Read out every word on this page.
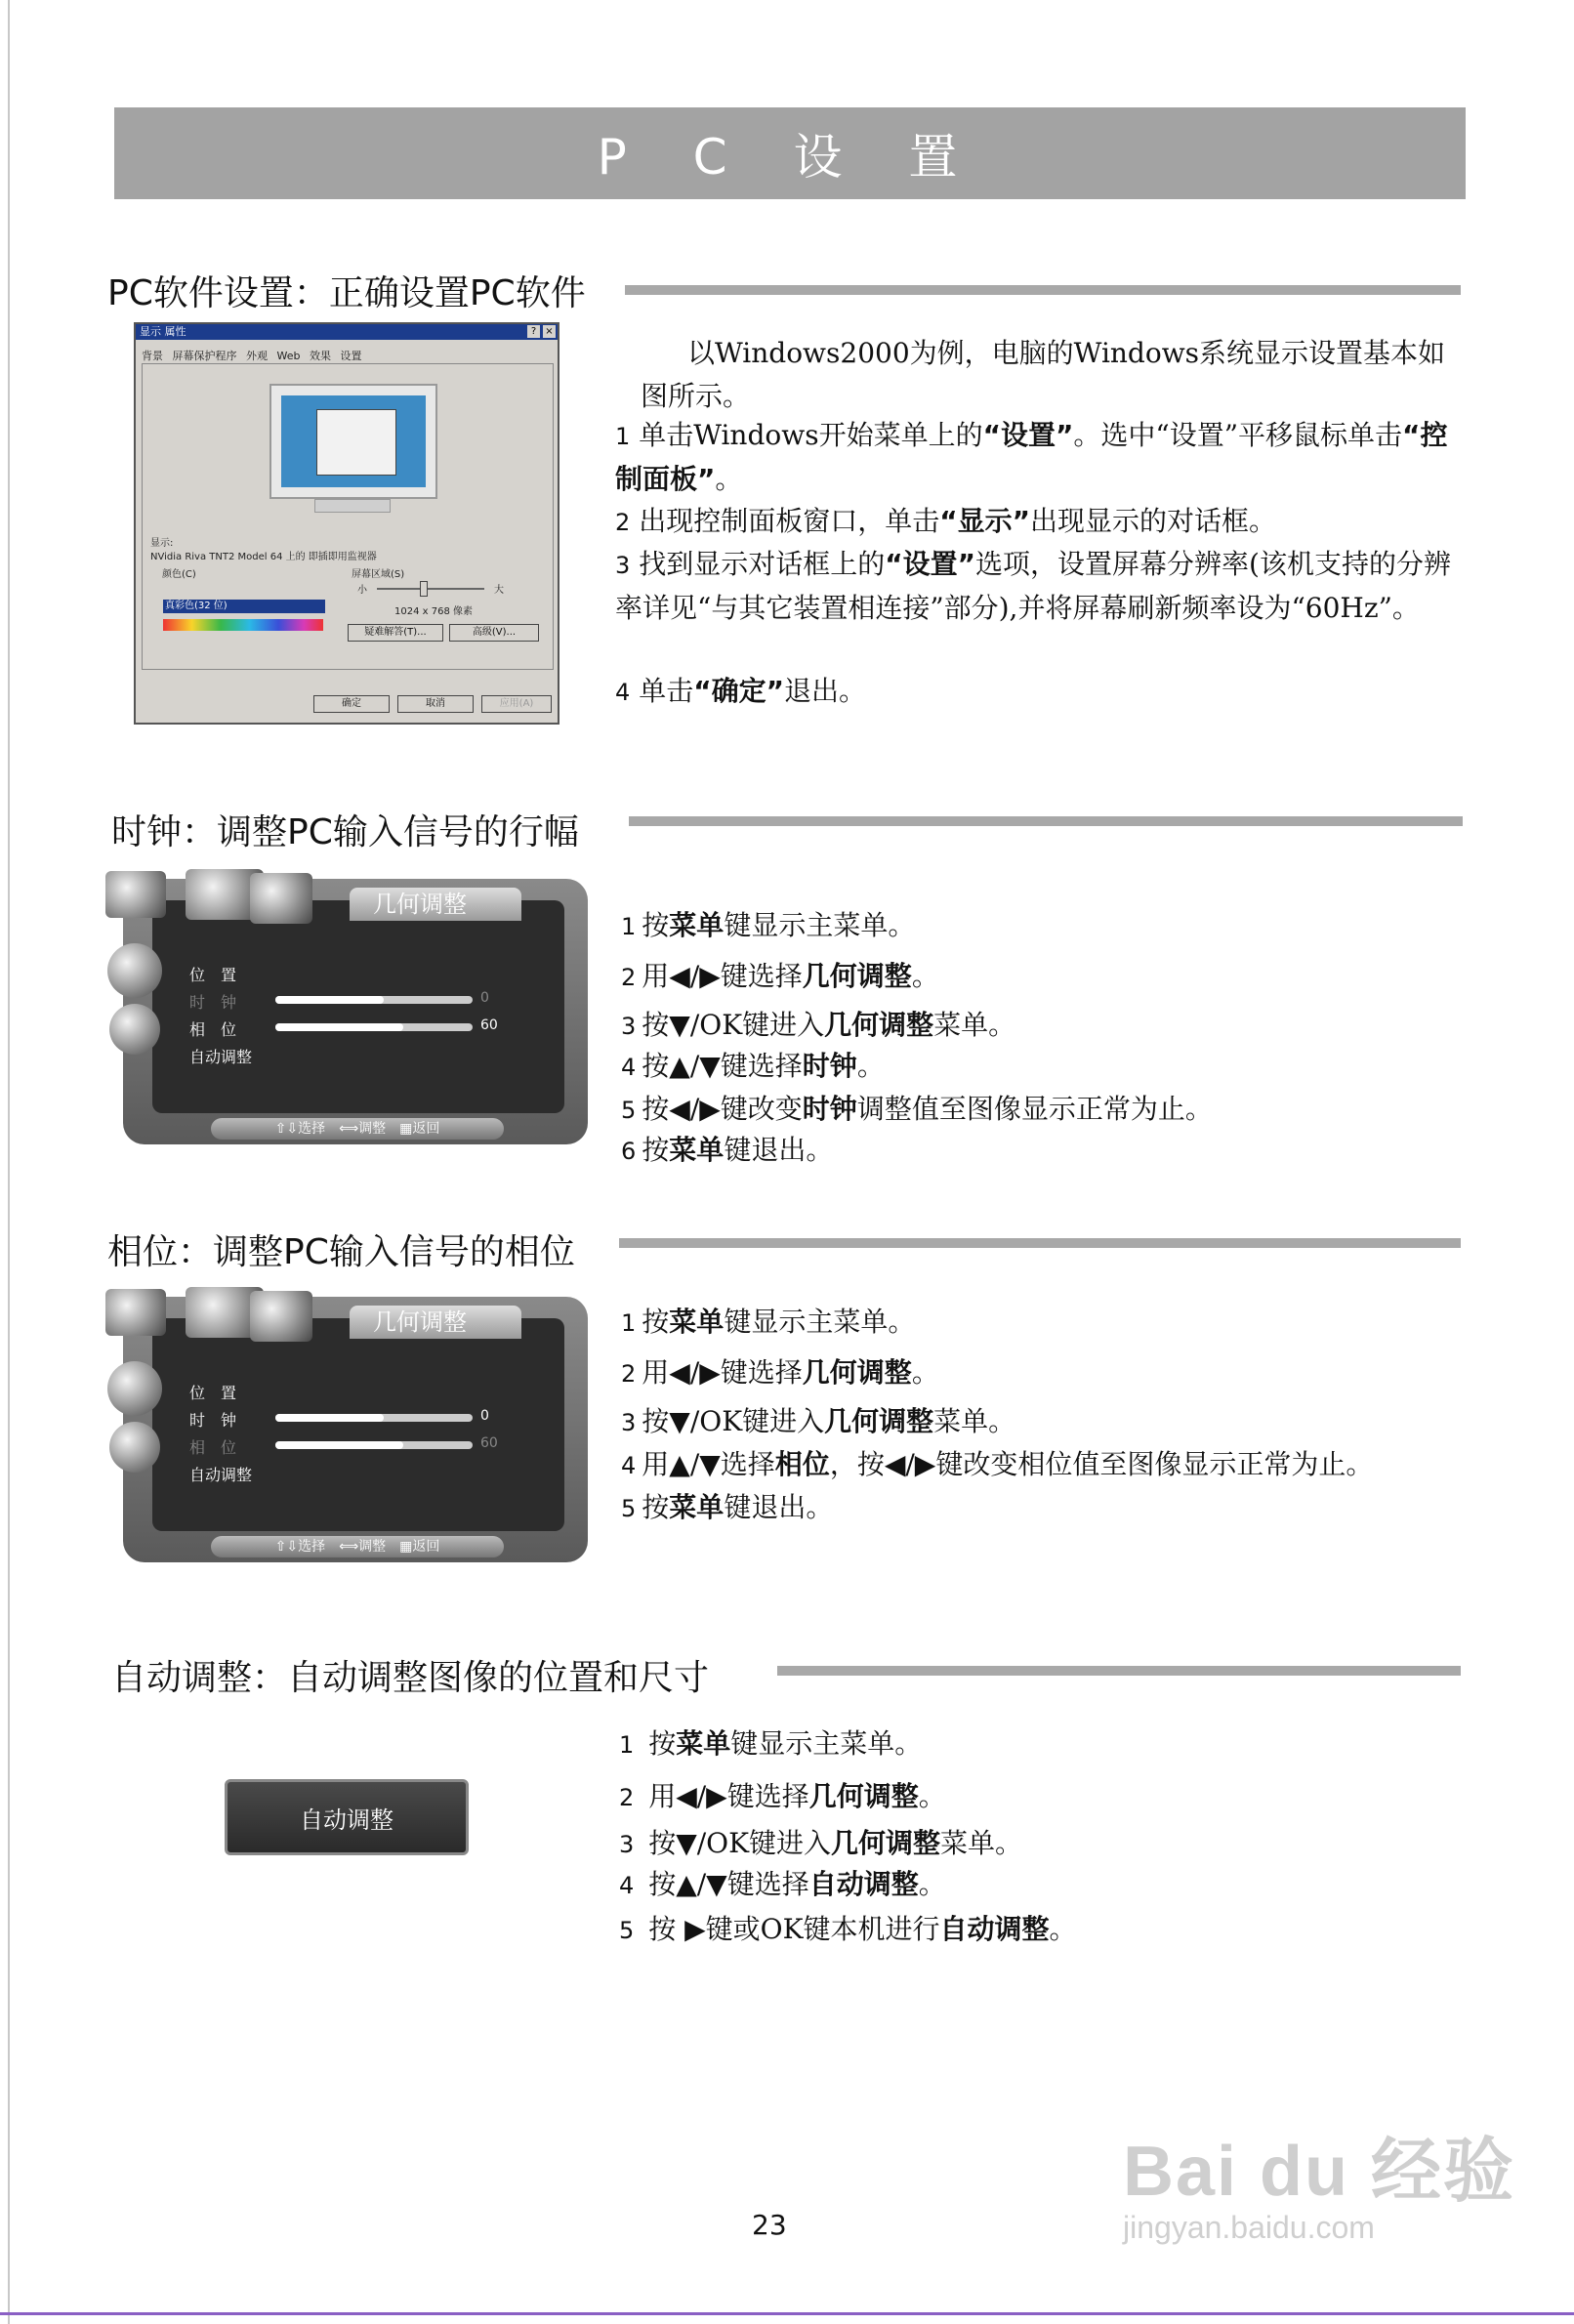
P C 设 置
PC软件设置：正确设置PC软件
显示 属性	? ×
背景 屏幕保护程序 外观 Web 效果 设置
显示:
NVidia Riva TNT2 Model 64 上的 即插即用监视器
颜色(C)	屏幕区域(S)
小	大
1024 x 768 像素
疑难解答(T)...	高级(V)...
真彩色(32 位)
确定	取消	应用(A)
以Windows2000为例，电脑的Windows系统显示设置基本如图所示。
1 单击Windows开始菜单上的“设置”。选中“设置”平移鼠标单击“控制面板”。
2 出现控制面板窗口，单击“显示”出现显示的对话框。
3 找到显示对话框上的“设置”选项，设置屏幕分辨率(该机支持的分辨率详见“与其它装置相连接”部分),并将屏幕刷新频率设为“60Hz”。
4 单击“确定”退出。
时钟：调整PC输入信号的行幅
几何调整
位　置
时　钟	0
相　位	60
自动调整
⇧⇩选择　⟺调整　▦返回
1 按菜单键显示主菜单。
2 用◀/▶键选择几何调整。
3 按▼/OK键进入几何调整菜单。
4 按▲/▼键选择时钟。
5 按◀/▶键改变时钟调整值至图像显示正常为止。
6 按菜单键退出。
相位：调整PC输入信号的相位
几何调整
位　置
时　钟	0
相　位	60
自动调整
⇧⇩选择　⟺调整　▦返回
1 按菜单键显示主菜单。
2 用◀/▶键选择几何调整。
3 按▼/OK键进入几何调整菜单。
4 用▲/▼选择相位，按◀/▶键改变相位值至图像显示正常为止。
5 按菜单键退出。
自动调整：自动调整图像的位置和尺寸
自动调整
1 按菜单键显示主菜单。
2 用◀/▶键选择几何调整。
3 按▼/OK键进入几何调整菜单。
4 按▲/▼键选择自动调整。
5 按 ▶键或OK键本机进行自动调整。
23
Bai du 经验
jingyan.baidu.com
